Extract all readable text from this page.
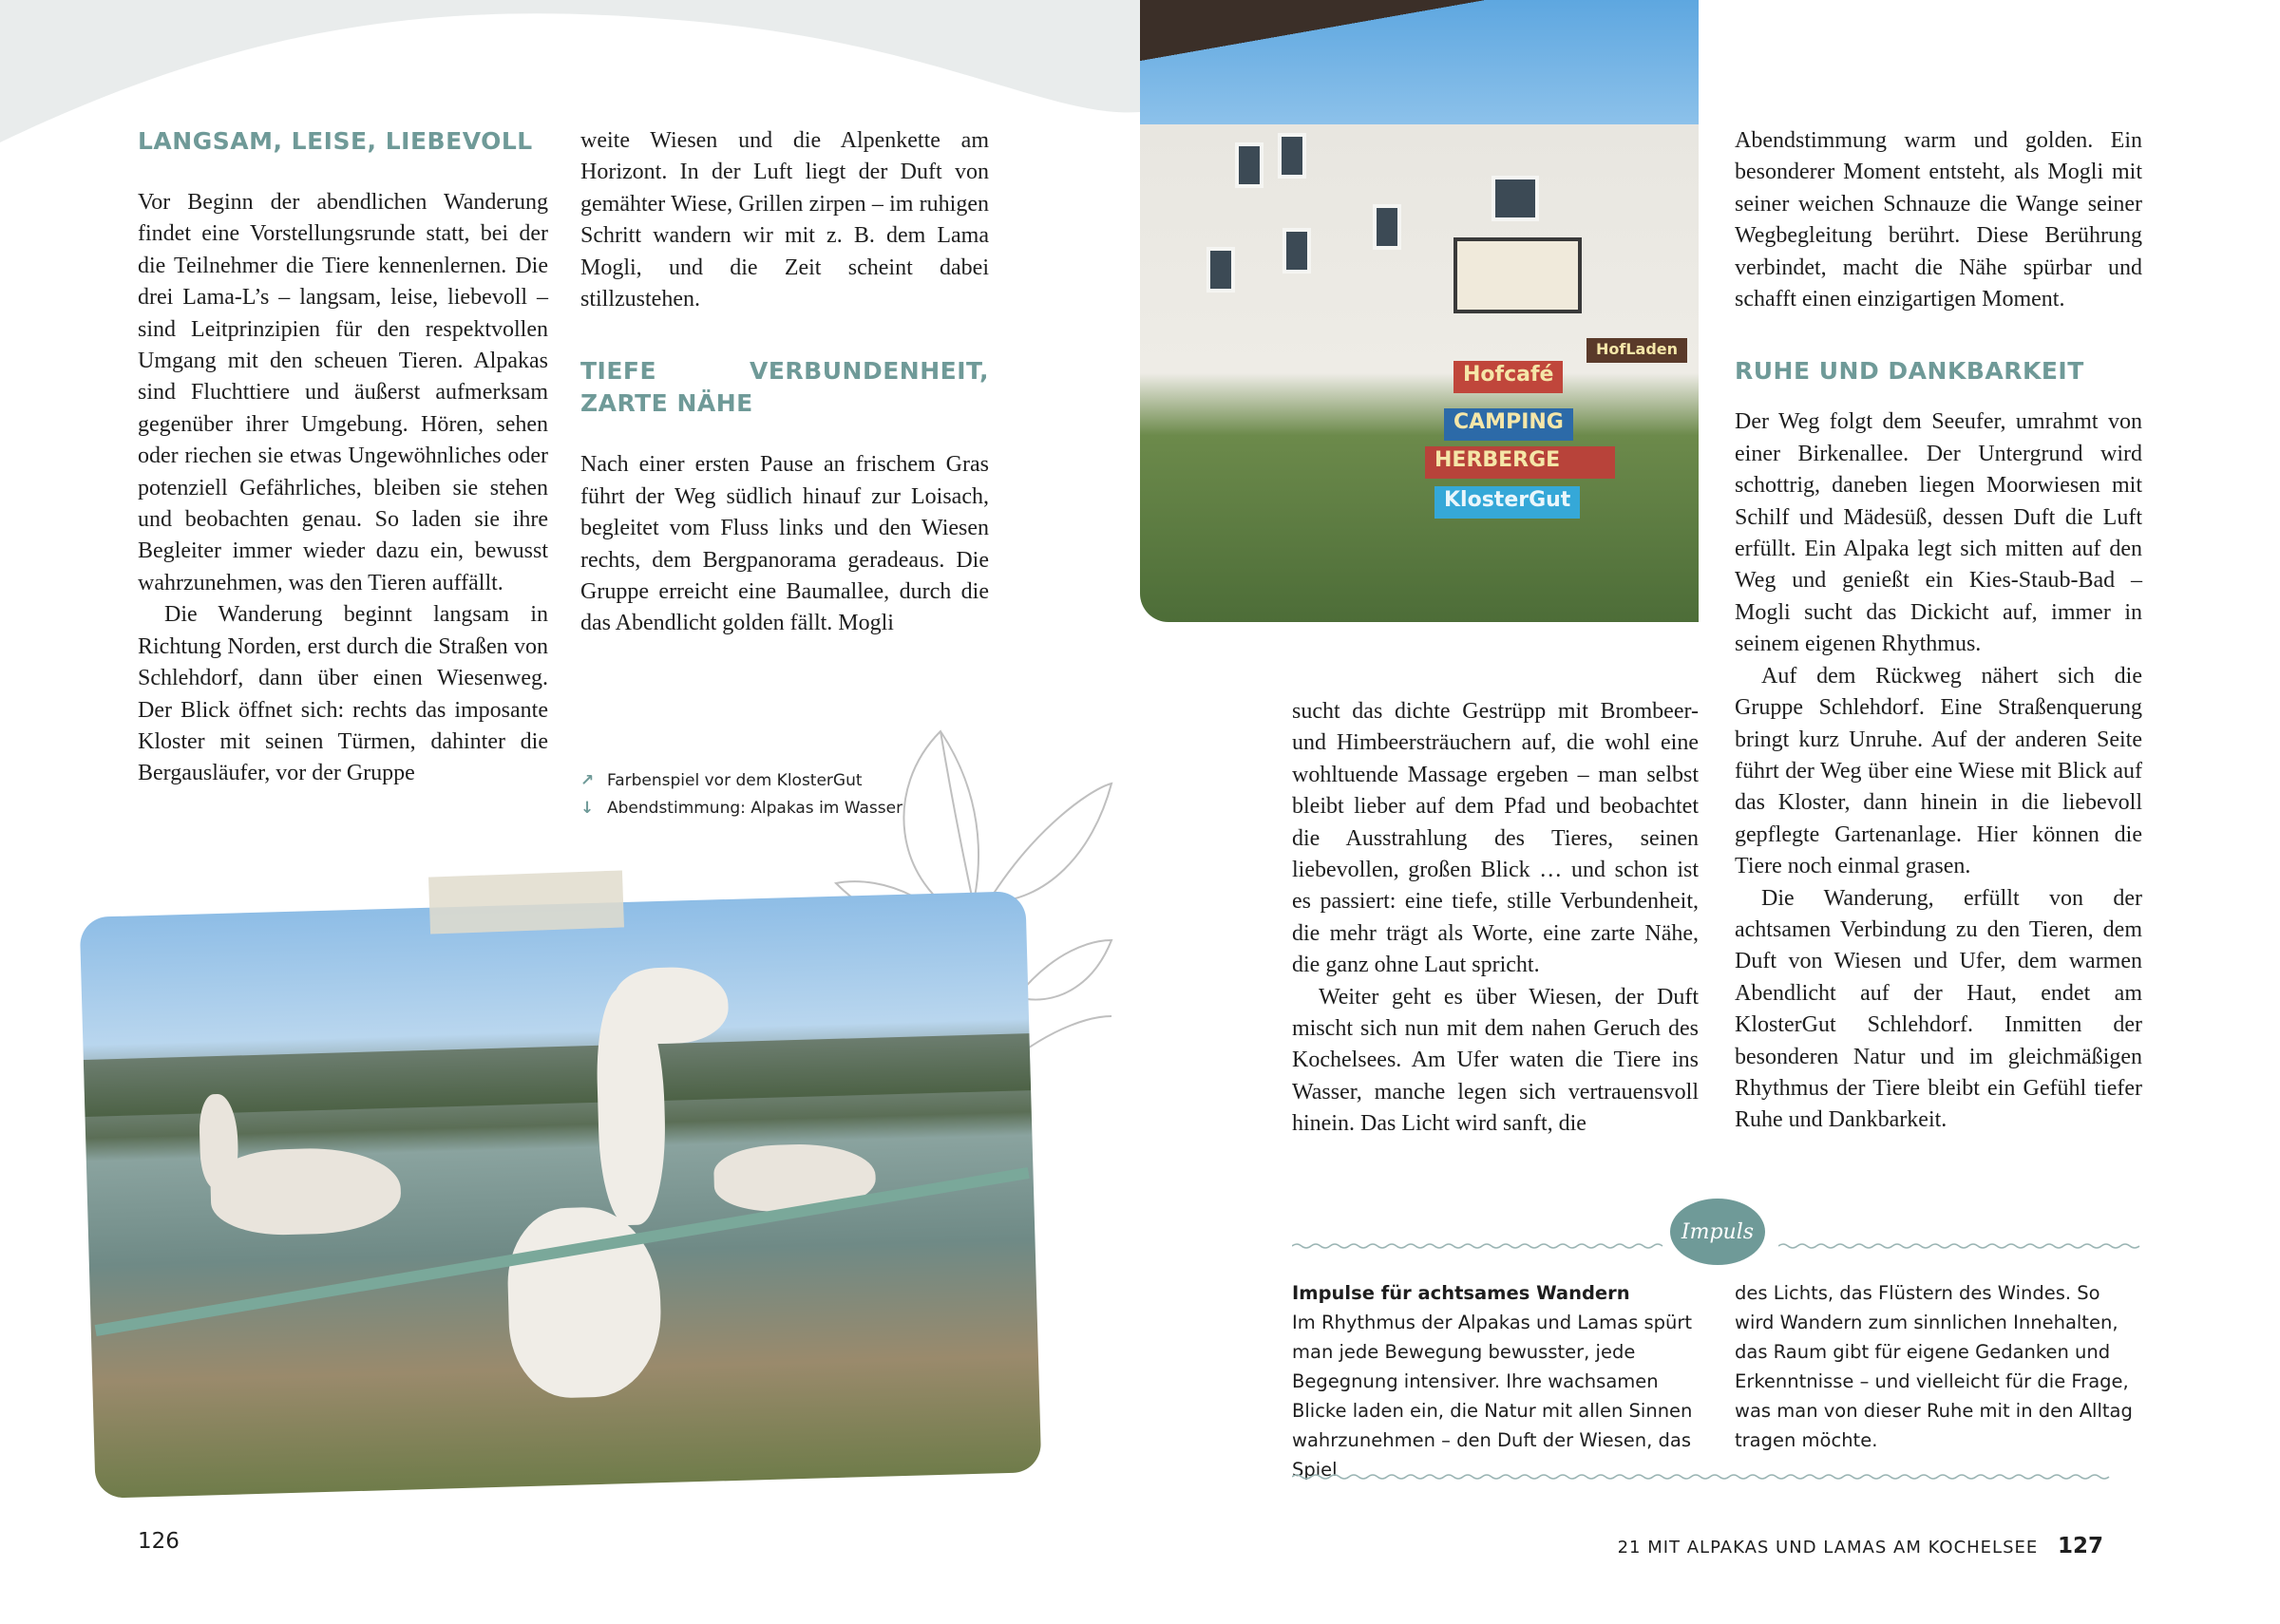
LANGSAM, LEISE, LIEBEVOLL

Vor Beginn der abendlichen Wanderung findet eine Vorstellungsrunde statt, bei der die Teilnehmer die Tiere kennenlernen. Die drei Lama-L’s – langsam, leise, liebevoll – sind Leitprinzipien für den respektvollen Umgang mit den scheuen Tieren. Alpakas sind Fluchttiere und äußerst aufmerksam gegenüber ihrer Umgebung. Hören, sehen oder riechen sie etwas Ungewöhnliches oder potenziell Gefährliches, bleiben sie stehen und beobachten genau. So laden sie ihre Begleiter immer wieder dazu ein, bewusst wahrzunehmen, was den Tieren auffällt.

Die Wanderung beginnt langsam in Richtung Norden, erst durch die Straßen von Schlehdorf, dann über einen Wiesenweg. Der Blick öffnet sich: rechts das imposante Kloster mit seinen Türmen, dahinter die Bergausläufer, vor der Gruppe

weite Wiesen und die Alpenkette am Horizont. In der Luft liegt der Duft von gemähter Wiese, Grillen zirpen – im ruhigen Schritt wandern wir mit z. B. dem Lama Mogli, und die Zeit scheint dabei stillzustehen.

TIEFE VERBUNDENHEIT, ZARTE NÄHE

Nach einer ersten Pause an frischem Gras führt der Weg südlich hinauf zur Loisach, begleitet vom Fluss links und den Wiesen rechts, dem Bergpanorama geradeaus. Die Gruppe erreicht eine Baumallee, durch die das Abendlicht golden fällt. Mogli

↗ Farbenspiel vor dem KlosterGut
↓ Abendstimmung: Alpakas im Wasser
Hofcafé
CAMPING
HERBERGE
KlosterGut
HofLaden

sucht das dichte Gestrüpp mit Brombeer- und Himbeersträuchern auf, die wohl eine wohltuende Massage ergeben – man selbst bleibt lieber auf dem Pfad und beobachtet die Ausstrahlung des Tieres, seinen liebevollen, großen Blick … und schon ist es passiert: eine tiefe, stille Verbundenheit, die mehr trägt als Worte, eine zarte Nähe, die ganz ohne Laut spricht.

Weiter geht es über Wiesen, der Duft mischt sich nun mit dem nahen Geruch des Kochelsees. Am Ufer waten die Tiere ins Wasser, manche legen sich vertrauensvoll hinein. Das Licht wird sanft, die

Abendstimmung warm und golden. Ein besonderer Moment entsteht, als Mogli mit seiner weichen Schnauze die Wange seiner Wegbegleitung berührt. Diese Berührung verbindet, macht die Nähe spürbar und schafft einen einzigartigen Moment.

RUHE UND DANKBARKEIT

Der Weg folgt dem Seeufer, umrahmt von einer Birkenallee. Der Untergrund wird schottrig, daneben liegen Moorwiesen mit Schilf und Mädesüß, dessen Duft die Luft erfüllt. Ein Alpaka legt sich mitten auf den Weg und genießt ein Kies-Staub-Bad – Mogli sucht das Dickicht auf, immer in seinem eigenen Rhythmus.

Auf dem Rückweg nähert sich die Gruppe Schlehdorf. Eine Straßenquerung bringt kurz Unruhe. Auf der anderen Seite führt der Weg über eine Wiese mit Blick auf das Kloster, dann hinein in die liebevoll gepflegte Gartenanlage. Hier können die Tiere noch einmal grasen.

Die Wanderung, erfüllt von der achtsamen Verbindung zu den Tieren, dem Duft von Wiesen und Ufer, dem warmen Abendlicht auf der Haut, endet am KlosterGut Schlehdorf. Inmitten der besonderen Natur und im gleichmäßigen Rhythmus der Tiere bleibt ein Gefühl tiefer Ruhe und Dankbarkeit.

Impuls
Impulse für achtsames Wandern
Im Rhythmus der Alpakas und Lamas spürt man jede Bewegung bewusster, jede Begegnung intensiver. Ihre wachsamen Blicke laden ein, die Natur mit allen Sinnen wahrzunehmen – den Duft der Wiesen, das Spiel
des Lichts, das Flüstern des Windes. So wird Wandern zum sinnlichen Innehalten, das Raum gibt für eigene Gedanken und Erkenntnisse – und vielleicht für die Frage, was man von dieser Ruhe mit in den Alltag tragen möchte.
126	21 MIT ALPAKAS UND LAMAS AM KOCHELSEE 127
